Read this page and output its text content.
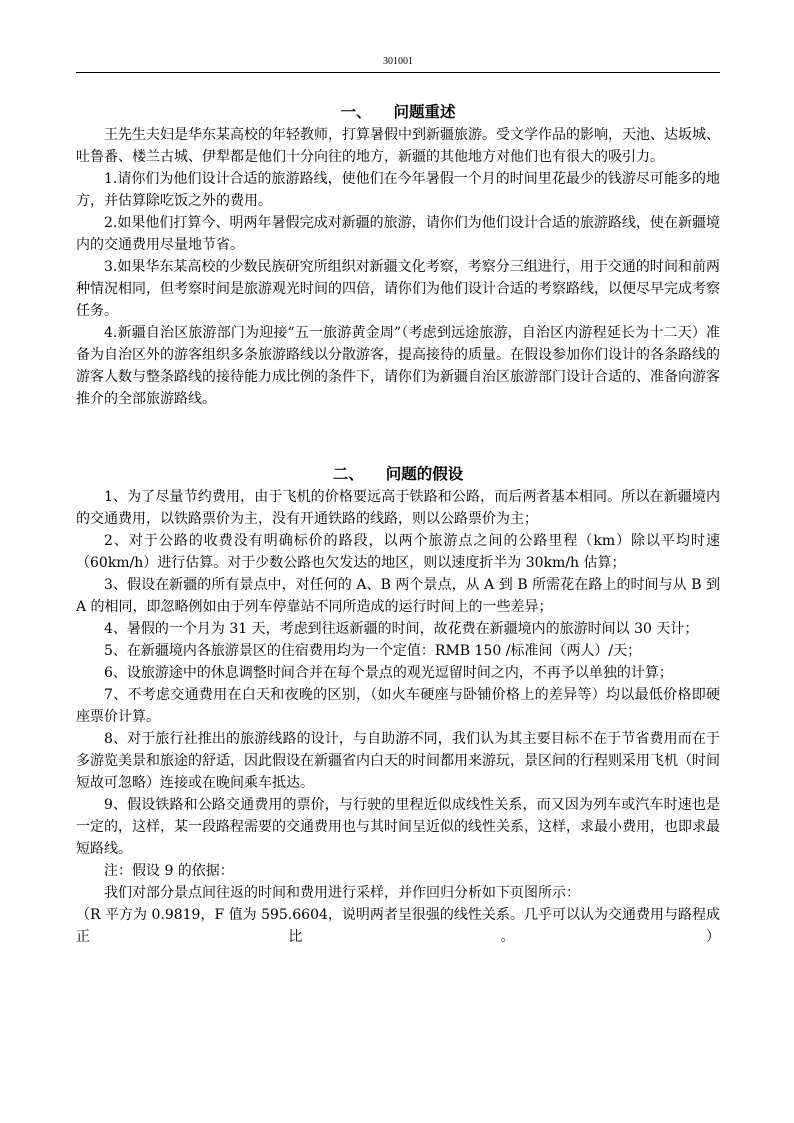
301001
一、 问题重述

王先生夫妇是华东某高校的年轻教师，打算暑假中到新疆旅游。受文学作品的影响，天池、达坂城、吐鲁番、楼兰古城、伊犁都是他们十分向往的地方，新疆的其他地方对他们也有很大的吸引力。

1.请你们为他们设计合适的旅游路线，使他们在今年暑假一个月的时间里花最少的钱游尽可能多的地方，并估算除吃饭之外的费用。

2.如果他们打算今、明两年暑假完成对新疆的旅游，请你们为他们设计合适的旅游路线，使在新疆境内的交通费用尽量地节省。

3.如果华东某高校的少数民族研究所组织对新疆文化考察，考察分三组进行，用于交通的时间和前两种情况相同，但考察时间是旅游观光时间的四倍，请你们为他们设计合适的考察路线，以便尽早完成考察任务。

4.新疆自治区旅游部门为迎接“五一旅游黄金周”（考虑到远途旅游，自治区内游程延长为十二天）准备为自治区外的游客组织多条旅游路线以分散游客，提高接待的质量。在假设参加你们设计的各条路线的游客人数与整条路线的接待能力成比例的条件下，请你们为新疆自治区旅游部门设计合适的、准备向游客推介的全部旅游路线。

二、 问题的假设

1、为了尽量节约费用，由于飞机的价格要远高于铁路和公路，而后两者基本相同。所以在新疆境内的交通费用，以铁路票价为主，没有开通铁路的线路，则以公路票价为主；

2、对于公路的收费没有明确标价的路段，以两个旅游点之间的公路里程（km）除以平均时速（60km/h）进行估算。对于少数公路也欠发达的地区，则以速度折半为 30km/h 估算；

3、假设在新疆的所有景点中，对任何的 A、B 两个景点，从 A 到 B 所需花在路上的时间与从 B 到 A 的相同，即忽略例如由于列车停靠站不同所造成的运行时间上的一些差异；

4、暑假的一个月为 31 天，考虑到往返新疆的时间，故花费在新疆境内的旅游时间以 30 天计；

5、在新疆境内各旅游景区的住宿费用均为一个定值：RMB 150 /标准间（两人）/天；

6、设旅游途中的休息调整时间合并在每个景点的观光逗留时间之内，不再予以单独的计算；

7、不考虑交通费用在白天和夜晚的区别，（如火车硬座与卧铺价格上的差异等）均以最低价格即硬座票价计算。

8、对于旅行社推出的旅游线路的设计，与自助游不同，我们认为其主要目标不在于节省费用而在于多游览美景和旅途的舒适，因此假设在新疆省内白天的时间都用来游玩，景区间的行程则采用飞机（时间短故可忽略）连接或在晚间乘车抵达。

9、假设铁路和公路交通费用的票价，与行驶的里程近似成线性关系，而又因为列车或汽车时速也是一定的，这样，某一段路程需要的交通费用也与其时间呈近似的线性关系，这样，求最小费用，也即求最短路线。

注：假设 9 的依据：

我们对部分景点间往返的时间和费用进行采样，并作回归分析如下页图所示：

（R 平方为 0.9819，F 值为 595.6604，说明两者呈很强的线性关系。几乎可以认为交通费用与路程成正比。）
